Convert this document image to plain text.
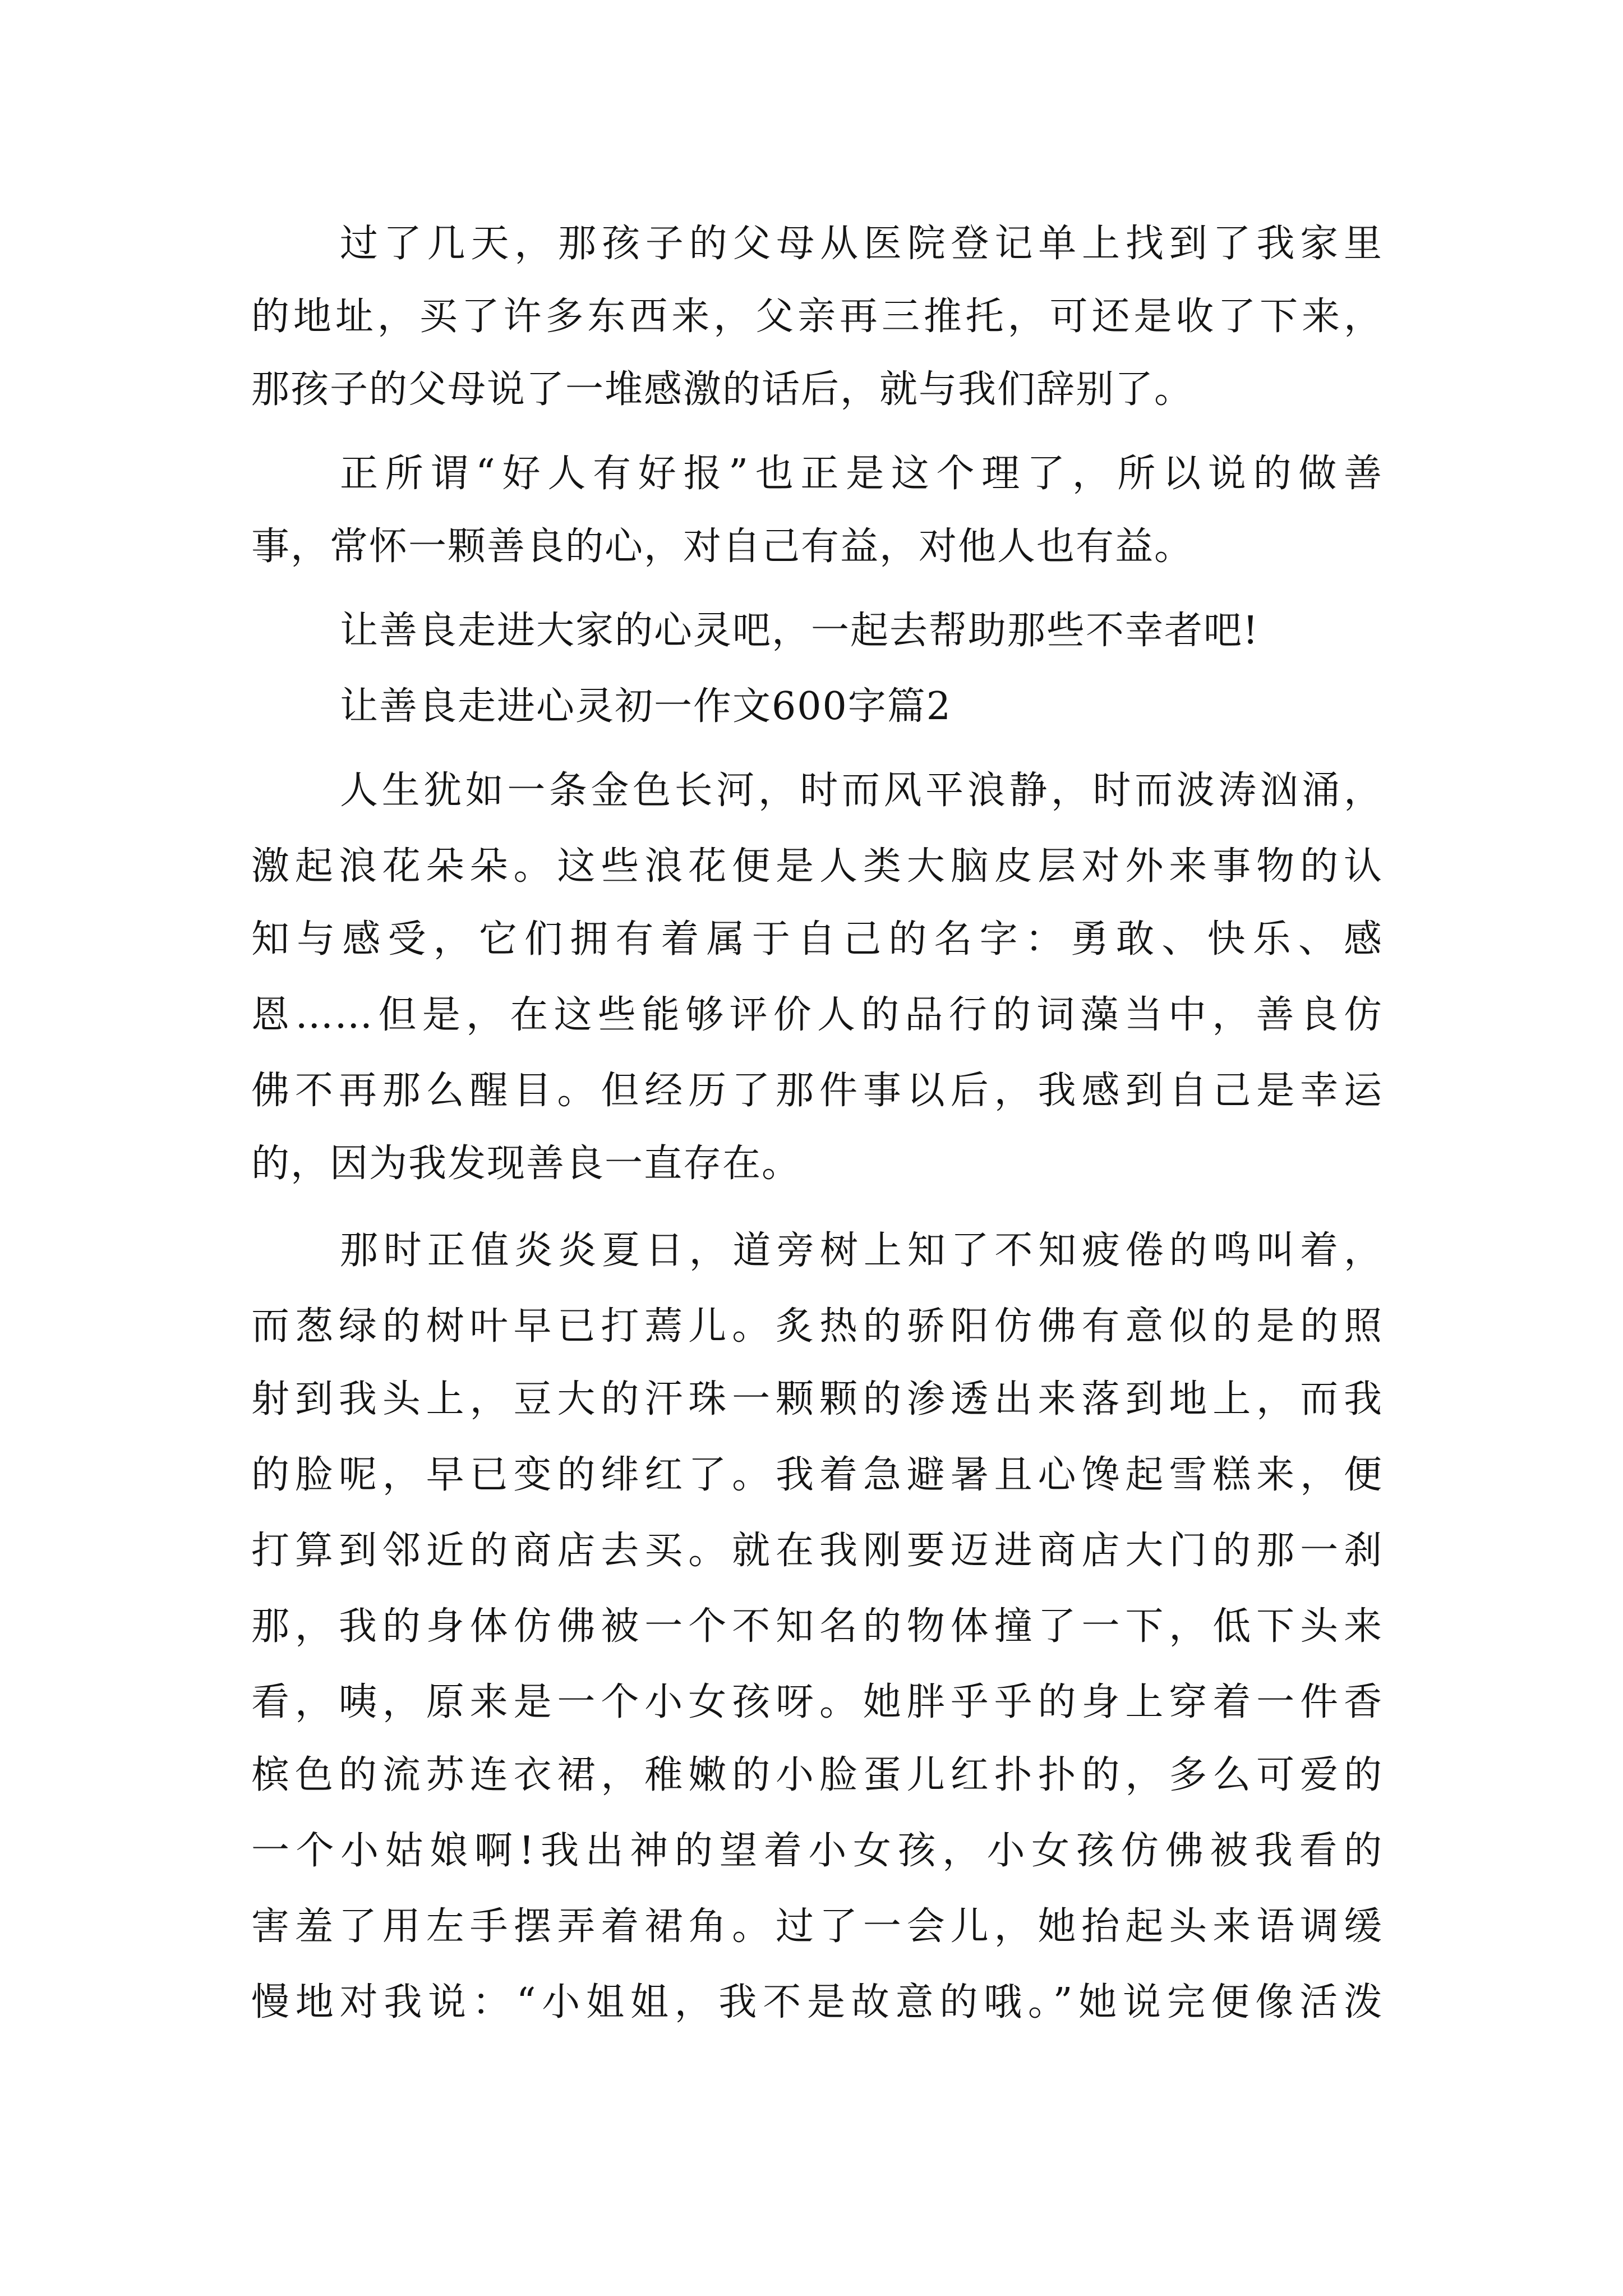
过了几天，那孩子的父母从医院登记单上找到了我家里

的地址，买了许多东西来，父亲再三推托，可还是收了下来，

那孩子的父母说了一堆感激的话后，就与我们辞别了。

正所谓“好人有好报”也正是这个理了，所以说的做善

事，常怀一颗善良的心，对自己有益，对他人也有益。

让善良走进大家的心灵吧，一起去帮助那些不幸者吧!

让善良走进心灵初一作文600字篇2

人生犹如一条金色长河，时而风平浪静，时而波涛汹涌，

激起浪花朵朵。这些浪花便是人类大脑皮层对外来事物的认

知与感受，它们拥有着属于自己的名字：勇敢、快乐、感

恩……但是，在这些能够评价人的品行的词藻当中，善良仿

佛不再那么醒目。但经历了那件事以后，我感到自己是幸运

的，因为我发现善良一直存在。

那时正值炎炎夏日，道旁树上知了不知疲倦的鸣叫着，

而葱绿的树叶早已打蔫儿。炙热的骄阳仿佛有意似的是的照

射到我头上，豆大的汗珠一颗颗的渗透出来落到地上，而我

的脸呢，早已变的绯红了。我着急避暑且心馋起雪糕来，便

打算到邻近的商店去买。就在我刚要迈进商店大门的那一刹

那，我的身体仿佛被一个不知名的物体撞了一下，低下头来

看，咦，原来是一个小女孩呀。她胖乎乎的身上穿着一件香

槟色的流苏连衣裙，稚嫩的小脸蛋儿红扑扑的，多么可爱的

一个小姑娘啊!我出神的望着小女孩，小女孩仿佛被我看的

害羞了用左手摆弄着裙角。过了一会儿，她抬起头来语调缓

慢地对我说：“小姐姐，我不是故意的哦。”她说完便像活泼
